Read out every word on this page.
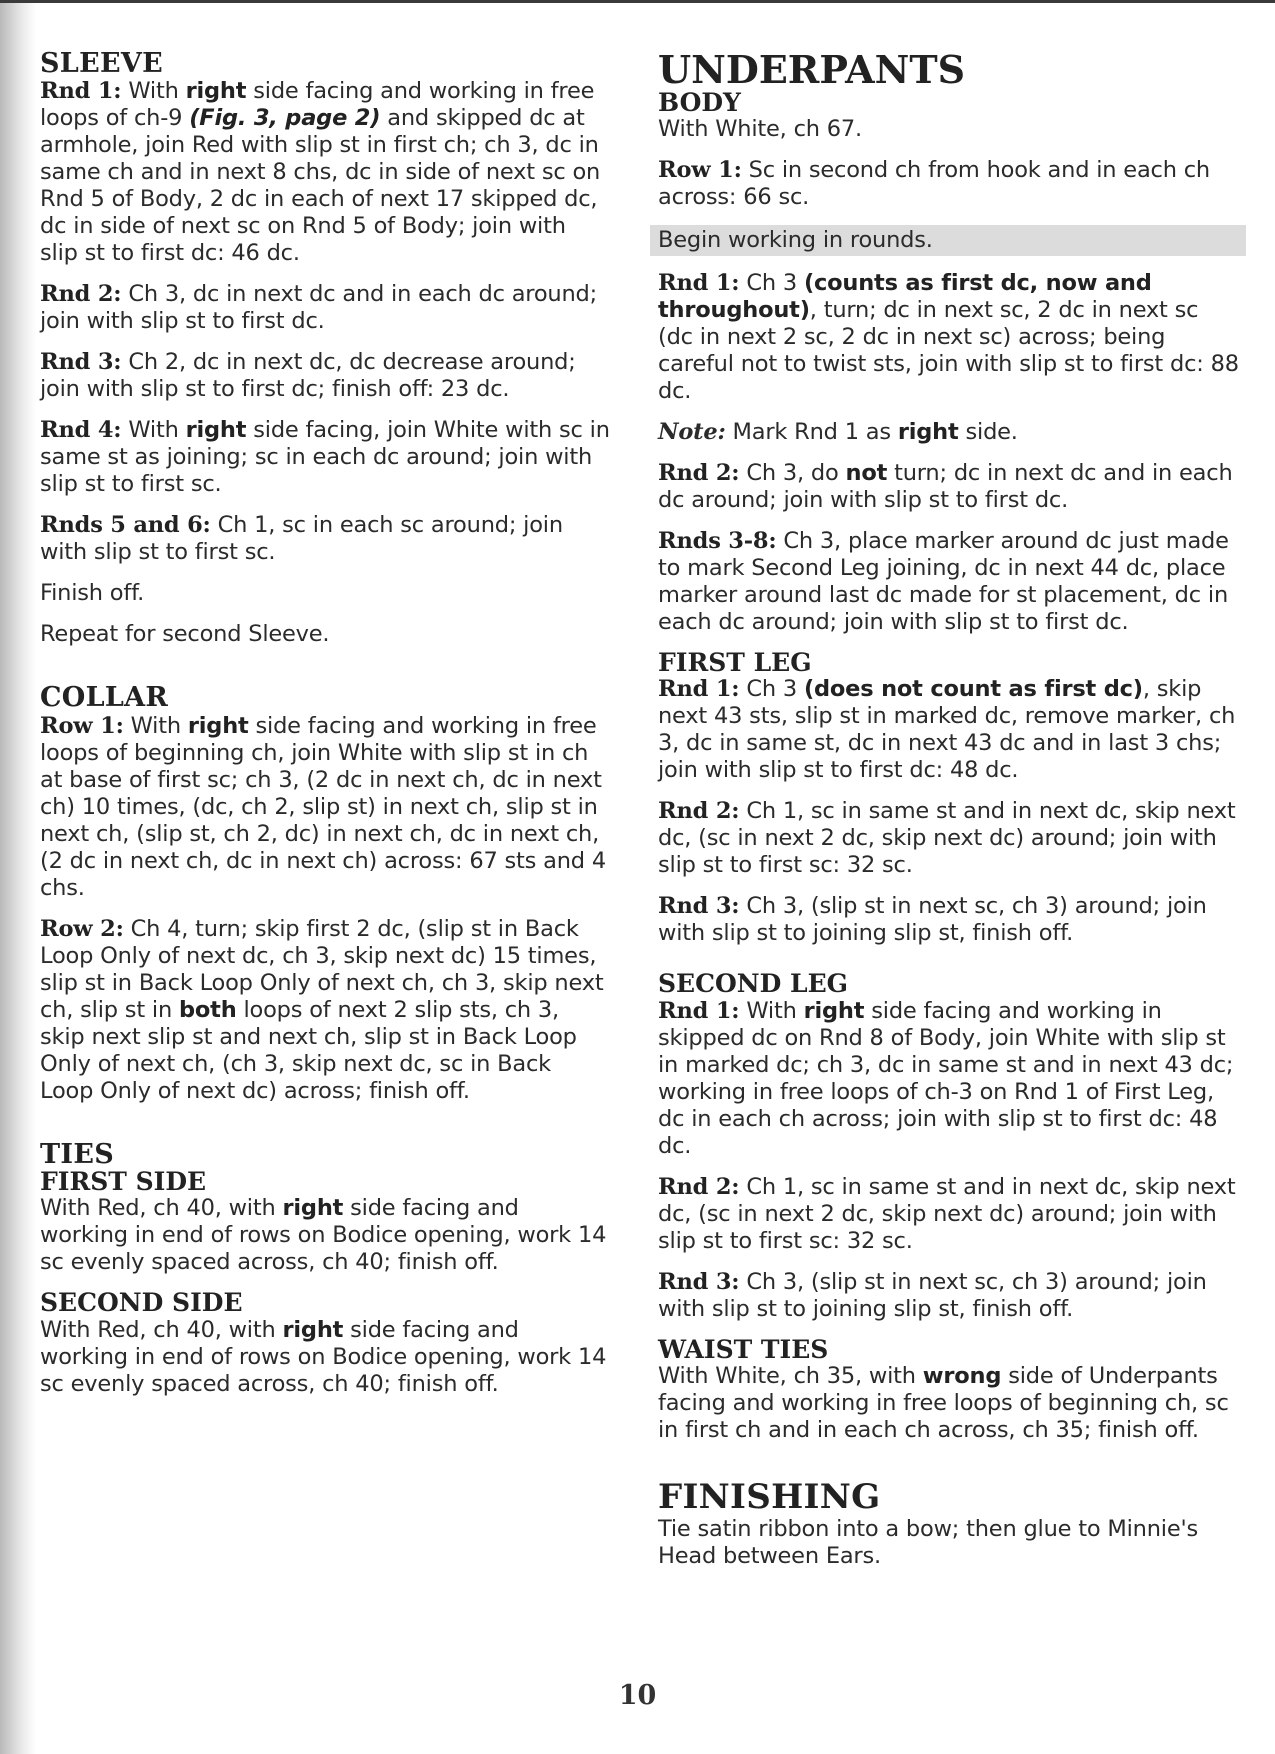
SLEEVE

Rnd 1: With right side facing and working in free loops of ch-9 (Fig. 3, page 2) and skipped dc at armhole, join Red with slip st in first ch; ch 3, dc in same ch and in next 8 chs, dc in side of next sc on Rnd 5 of Body, 2 dc in each of next 17 skipped dc, dc in side of next sc on Rnd 5 of Body; join with slip st to first dc: 46 dc.

Rnd 2: Ch 3, dc in next dc and in each dc around; join with slip st to first dc.

Rnd 3: Ch 2, dc in next dc, dc decrease around; join with slip st to first dc; finish off: 23 dc.

Rnd 4: With right side facing, join White with sc in same st as joining; sc in each dc around; join with slip st to first sc.

Rnds 5 and 6: Ch 1, sc in each sc around; join with slip st to first sc.

Finish off.

Repeat for second Sleeve.

COLLAR

Row 1: With right side facing and working in free loops of beginning ch, join White with slip st in ch at base of first sc; ch 3, (2 dc in next ch, dc in next ch) 10 times, (dc, ch 2, slip st) in next ch, slip st in next ch, (slip st, ch 2, dc) in next ch, dc in next ch, (2 dc in next ch, dc in next ch) across: 67 sts and 4 chs.

Row 2: Ch 4, turn; skip first 2 dc, (slip st in Back Loop Only of next dc, ch 3, skip next dc) 15 times, slip st in Back Loop Only of next ch, ch 3, skip next ch, slip st in both loops of next 2 slip sts, ch 3, skip next slip st and next ch, slip st in Back Loop Only of next ch, (ch 3, skip next dc, sc in Back Loop Only of next dc) across; finish off.

TIES
FIRST SIDE

With Red, ch 40, with right side facing and working in end of rows on Bodice opening, work 14 sc evenly spaced across, ch 40; finish off.

SECOND SIDE

With Red, ch 40, with right side facing and working in end of rows on Bodice opening, work 14 sc evenly spaced across, ch 40; finish off.

UNDERPANTS
BODY

With White, ch 67.

Row 1: Sc in second ch from hook and in each ch across: 66 sc.

Begin working in rounds.

Rnd 1: Ch 3 (counts as first dc, now and throughout), turn; dc in next sc, 2 dc in next sc (dc in next 2 sc, 2 dc in next sc) across; being careful not to twist sts, join with slip st to first dc: 88 dc.

Note: Mark Rnd 1 as right side.

Rnd 2: Ch 3, do not turn; dc in next dc and in each dc around; join with slip st to first dc.

Rnds 3-8: Ch 3, place marker around dc just made to mark Second Leg joining, dc in next 44 dc, place marker around last dc made for st placement, dc in each dc around; join with slip st to first dc.

FIRST LEG

Rnd 1: Ch 3 (does not count as first dc), skip next 43 sts, slip st in marked dc, remove marker, ch 3, dc in same st, dc in next 43 dc and in last 3 chs; join with slip st to first dc: 48 dc.

Rnd 2: Ch 1, sc in same st and in next dc, skip next dc, (sc in next 2 dc, skip next dc) around; join with slip st to first sc: 32 sc.

Rnd 3: Ch 3, (slip st in next sc, ch 3) around; join with slip st to joining slip st, finish off.

SECOND LEG

Rnd 1: With right side facing and working in skipped dc on Rnd 8 of Body, join White with slip st in marked dc; ch 3, dc in same st and in next 43 dc; working in free loops of ch-3 on Rnd 1 of First Leg, dc in each ch across; join with slip st to first dc: 48 dc.

Rnd 2: Ch 1, sc in same st and in next dc, skip next dc, (sc in next 2 dc, skip next dc) around; join with slip st to first sc: 32 sc.

Rnd 3: Ch 3, (slip st in next sc, ch 3) around; join with slip st to joining slip st, finish off.

WAIST TIES

With White, ch 35, with wrong side of Underpants facing and working in free loops of beginning ch, sc in first ch and in each ch across, ch 35; finish off.

FINISHING

Tie satin ribbon into a bow; then glue to Minnie's Head between Ears.

10
